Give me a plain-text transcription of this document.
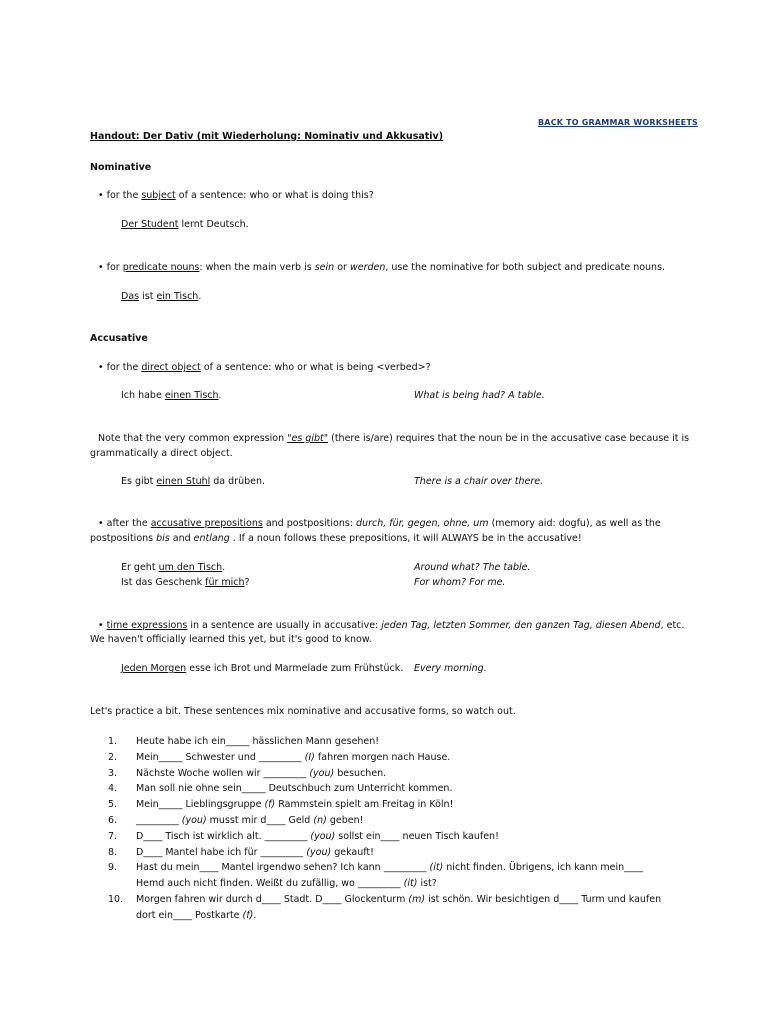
BACK TO GRAMMAR WORKSHEETS
Handout: Der Dativ (mit Wiederholung: Nominativ und Akkusativ)
Nominative
• for the subject of a sentence: who or what is doing this?
Der Student lernt Deutsch.
• for predicate nouns: when the main verb is sein or werden, use the nominative for both subject and predicate nouns.
Das ist ein Tisch.
Accusative
• for the direct object of a sentence: who or what is being <verbed>?
Ich habe einen Tisch.	What is being had? A table.
Note that the very common expression "es gibt" (there is/are) requires that the noun be in the accusative case because it is
grammatically a direct object.
Es gibt einen Stuhl da drüben.	There is a chair over there.
• after the accusative prepositions and postpositions: durch, für, gegen, ohne, um (memory aid: dogfu), as well as the
postpositions bis and entlang . If a noun follows these prepositions, it will ALWAYS be in the accusative!
Er geht um den Tisch.	Around what? The table.
Ist das Geschenk für mich?	For whom? For me.
• time expressions in a sentence are usually in accusative: jeden Tag, letzten Sommer, den ganzen Tag, diesen Abend, etc.
We haven't officially learned this yet, but it's good to know.
Jeden Morgen esse ich Brot und Marmelade zum Frühstück. Every morning.
Let's practice a bit. These sentences mix nominative and accusative forms, so watch out.
1. Heute habe ich ein_____ hässlichen Mann gesehen!
2. Mein_____ Schwester und _________ (I) fahren morgen nach Hause.
3. Nächste Woche wollen wir _________ (you) besuchen.
4. Man soll nie ohne sein_____ Deutschbuch zum Unterricht kommen.
5. Mein_____ Lieblingsgruppe (f) Rammstein spielt am Freitag in Köln!
6. _________ (you) musst mir d____ Geld (n) geben!
7. D____ Tisch ist wirklich alt. _________ (you) sollst ein____ neuen Tisch kaufen!
8. D____ Mantel habe ich für _________ (you) gekauft!
9. Hast du mein____ Mantel irgendwo sehen? Ich kann _________ (it) nicht finden. Übrigens, ich kann mein____
Hemd auch nicht finden. Weißt du zufällig, wo _________ (it) ist?
10. Morgen fahren wir durch d____ Stadt. D____ Glockenturm (m) ist schön. Wir besichtigen d____ Turm und kaufen
dort ein____ Postkarte (f).
